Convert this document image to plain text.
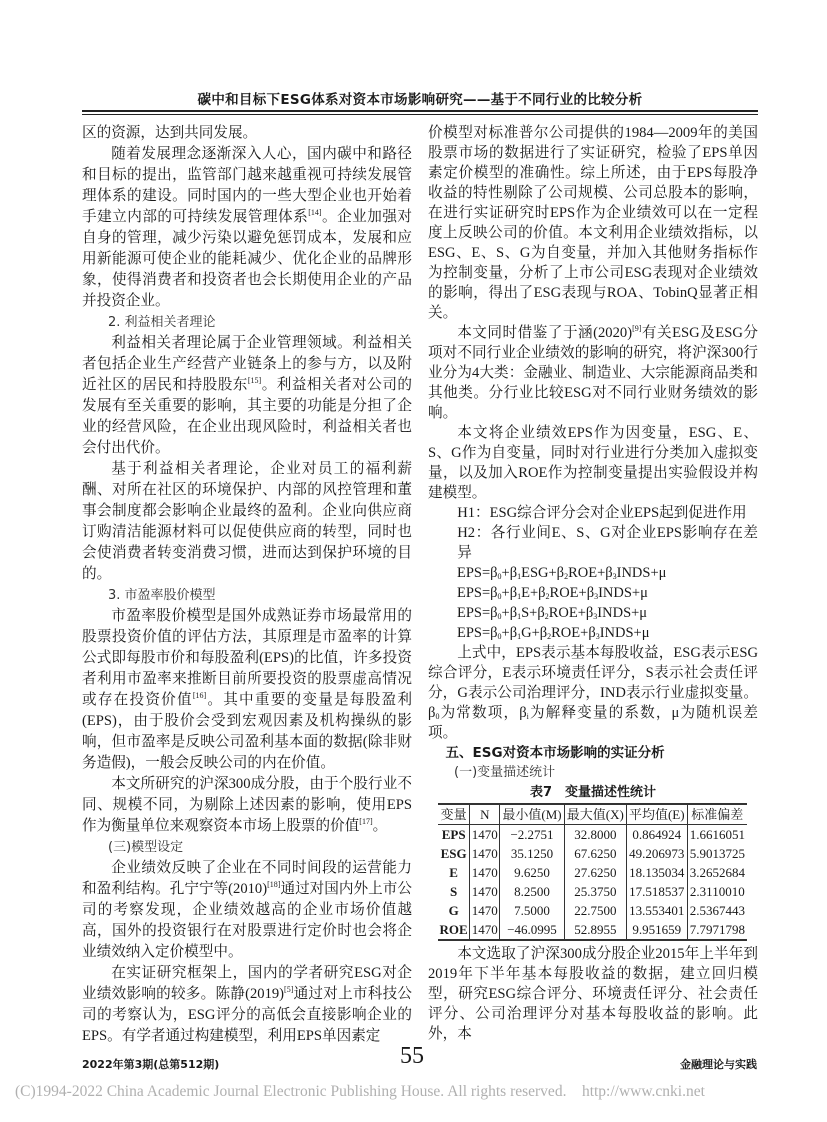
碳中和目标下ESG体系对资本市场影响研究——基于不同行业的比较分析

区的资源，达到共同发展。

随着发展理念逐渐深入人心，国内碳中和路径和目标的提出，监管部门越来越重视可持续发展管理体系的建设。同时国内的一些大型企业也开始着手建立内部的可持续发展管理体系[14]。企业加强对自身的管理，减少污染以避免惩罚成本，发展和应用新能源可使企业的能耗减少、优化企业的品牌形象，使得消费者和投资者也会长期使用企业的产品并投资企业。

2. 利益相关者理论

利益相关者理论属于企业管理领域。利益相关者包括企业生产经营产业链条上的参与方，以及附近社区的居民和持股股东[15]。利益相关者对公司的发展有至关重要的影响，其主要的功能是分担了企业的经营风险，在企业出现风险时，利益相关者也会付出代价。

基于利益相关者理论，企业对员工的福利薪酬、对所在社区的环境保护、内部的风控管理和董事会制度都会影响企业最终的盈利。企业向供应商订购清洁能源材料可以促使供应商的转型，同时也会使消费者转变消费习惯，进而达到保护环境的目的。

3. 市盈率股价模型

市盈率股价模型是国外成熟证券市场最常用的股票投资价值的评估方法，其原理是市盈率的计算公式即每股市价和每股盈利(EPS)的比值，许多投资者利用市盈率来推断目前所要投资的股票虚高情况或存在投资价值[16]。其中重要的变量是每股盈利(EPS)，由于股价会受到宏观因素及机构操纵的影响，但市盈率是反映公司盈利基本面的数据(除非财务造假)，一般会反映公司的内在价值。

本文所研究的沪深300成分股，由于个股行业不同、规模不同，为剔除上述因素的影响，使用EPS作为衡量单位来观察资本市场上股票的价值[17]。

(三)模型设定

企业绩效反映了企业在不同时间段的运营能力和盈利结构。孔宁宁等(2010)[18]通过对国内外上市公司的考察发现，企业绩效越高的企业市场价值越高，国外的投资银行在对股票进行定价时也会将企业绩效纳入定价模型中。

在实证研究框架上，国内的学者研究ESG对企业绩效影响的较多。陈静(2019)[5]通过对上市科技公司的考察认为，ESG评分的高低会直接影响企业的EPS。有学者通过构建模型，利用EPS单因素定

价模型对标准普尔公司提供的1984—2009年的美国股票市场的数据进行了实证研究，检验了EPS单因素定价模型的准确性。综上所述，由于EPS每股净收益的特性剔除了公司规模、公司总股本的影响，在进行实证研究时EPS作为企业绩效可以在一定程度上反映公司的价值。本文利用企业绩效指标，以ESG、E、S、G为自变量，并加入其他财务指标作为控制变量，分析了上市公司ESG表现对企业绩效的影响，得出了ESG表现与ROA、TobinQ显著正相关。

本文同时借鉴了于涵(2020)[9]有关ESG及ESG分项对不同行业企业绩效的影响的研究，将沪深300行业分为4大类：金融业、制造业、大宗能源商品类和其他类。分行业比较ESG对不同行业财务绩效的影响。

本文将企业绩效EPS作为因变量，ESG、E、S、G作为自变量，同时对行业进行分类加入虚拟变量，以及加入ROE作为控制变量提出实验假设并构建模型。

H1：ESG综合评分会对企业EPS起到促进作用

H2：各行业间E、S、G对企业EPS影响存在差异

$EPS=\beta_0+\beta_1ESG+\beta_2ROE+\beta_3INDS+\mu$

$EPS=\beta_0+\beta_1E+\beta_2ROE+\beta_3INDS+\mu$

$EPS=\beta_0+\beta_1S+\beta_2ROE+\beta_3INDS+\mu$

$EPS=\beta_0+\beta_1G+\beta_2ROE+\beta_3INDS+\mu$

上式中，EPS表示基本每股收益，ESG表示ESG综合评分，E表示环境责任评分，S表示社会责任评分，G表示公司治理评分，IND表示行业虚拟变量。$\beta_0$为常数项，$\beta_i$为解释变量的系数，μ为随机误差项。

五、ESG对资本市场影响的实证分析

(一)变量描述统计

表7　变量描述性统计
变量	N	最小值(M)	最大值(X)	平均值(E)	标准偏差
EPS	1470	−2.2751	32.8000	0.864924	1.6616051
ESG	1470	35.1250	67.6250	49.206973	5.9013725
E	1470	9.6250	27.6250	18.135034	3.2652684
S	1470	8.2500	25.3750	17.518537	2.3110010
G	1470	7.5000	22.7500	13.553401	2.5367443
ROE	1470	−46.0995	52.8955	9.951659	7.7971798

本文选取了沪深300成分股企业2015年上半年到2019年下半年基本每股收益的数据，建立回归模型，研究ESG综合评分、环境责任评分、社会责任评分、公司治理评分对基本每股收益的影响。此外，本

2022年第3期(总第512期)	55	金融理论与实践
(C)1994-2022 China Academic Journal Electronic Publishing House. All rights reserved.    http://www.cnki.net
